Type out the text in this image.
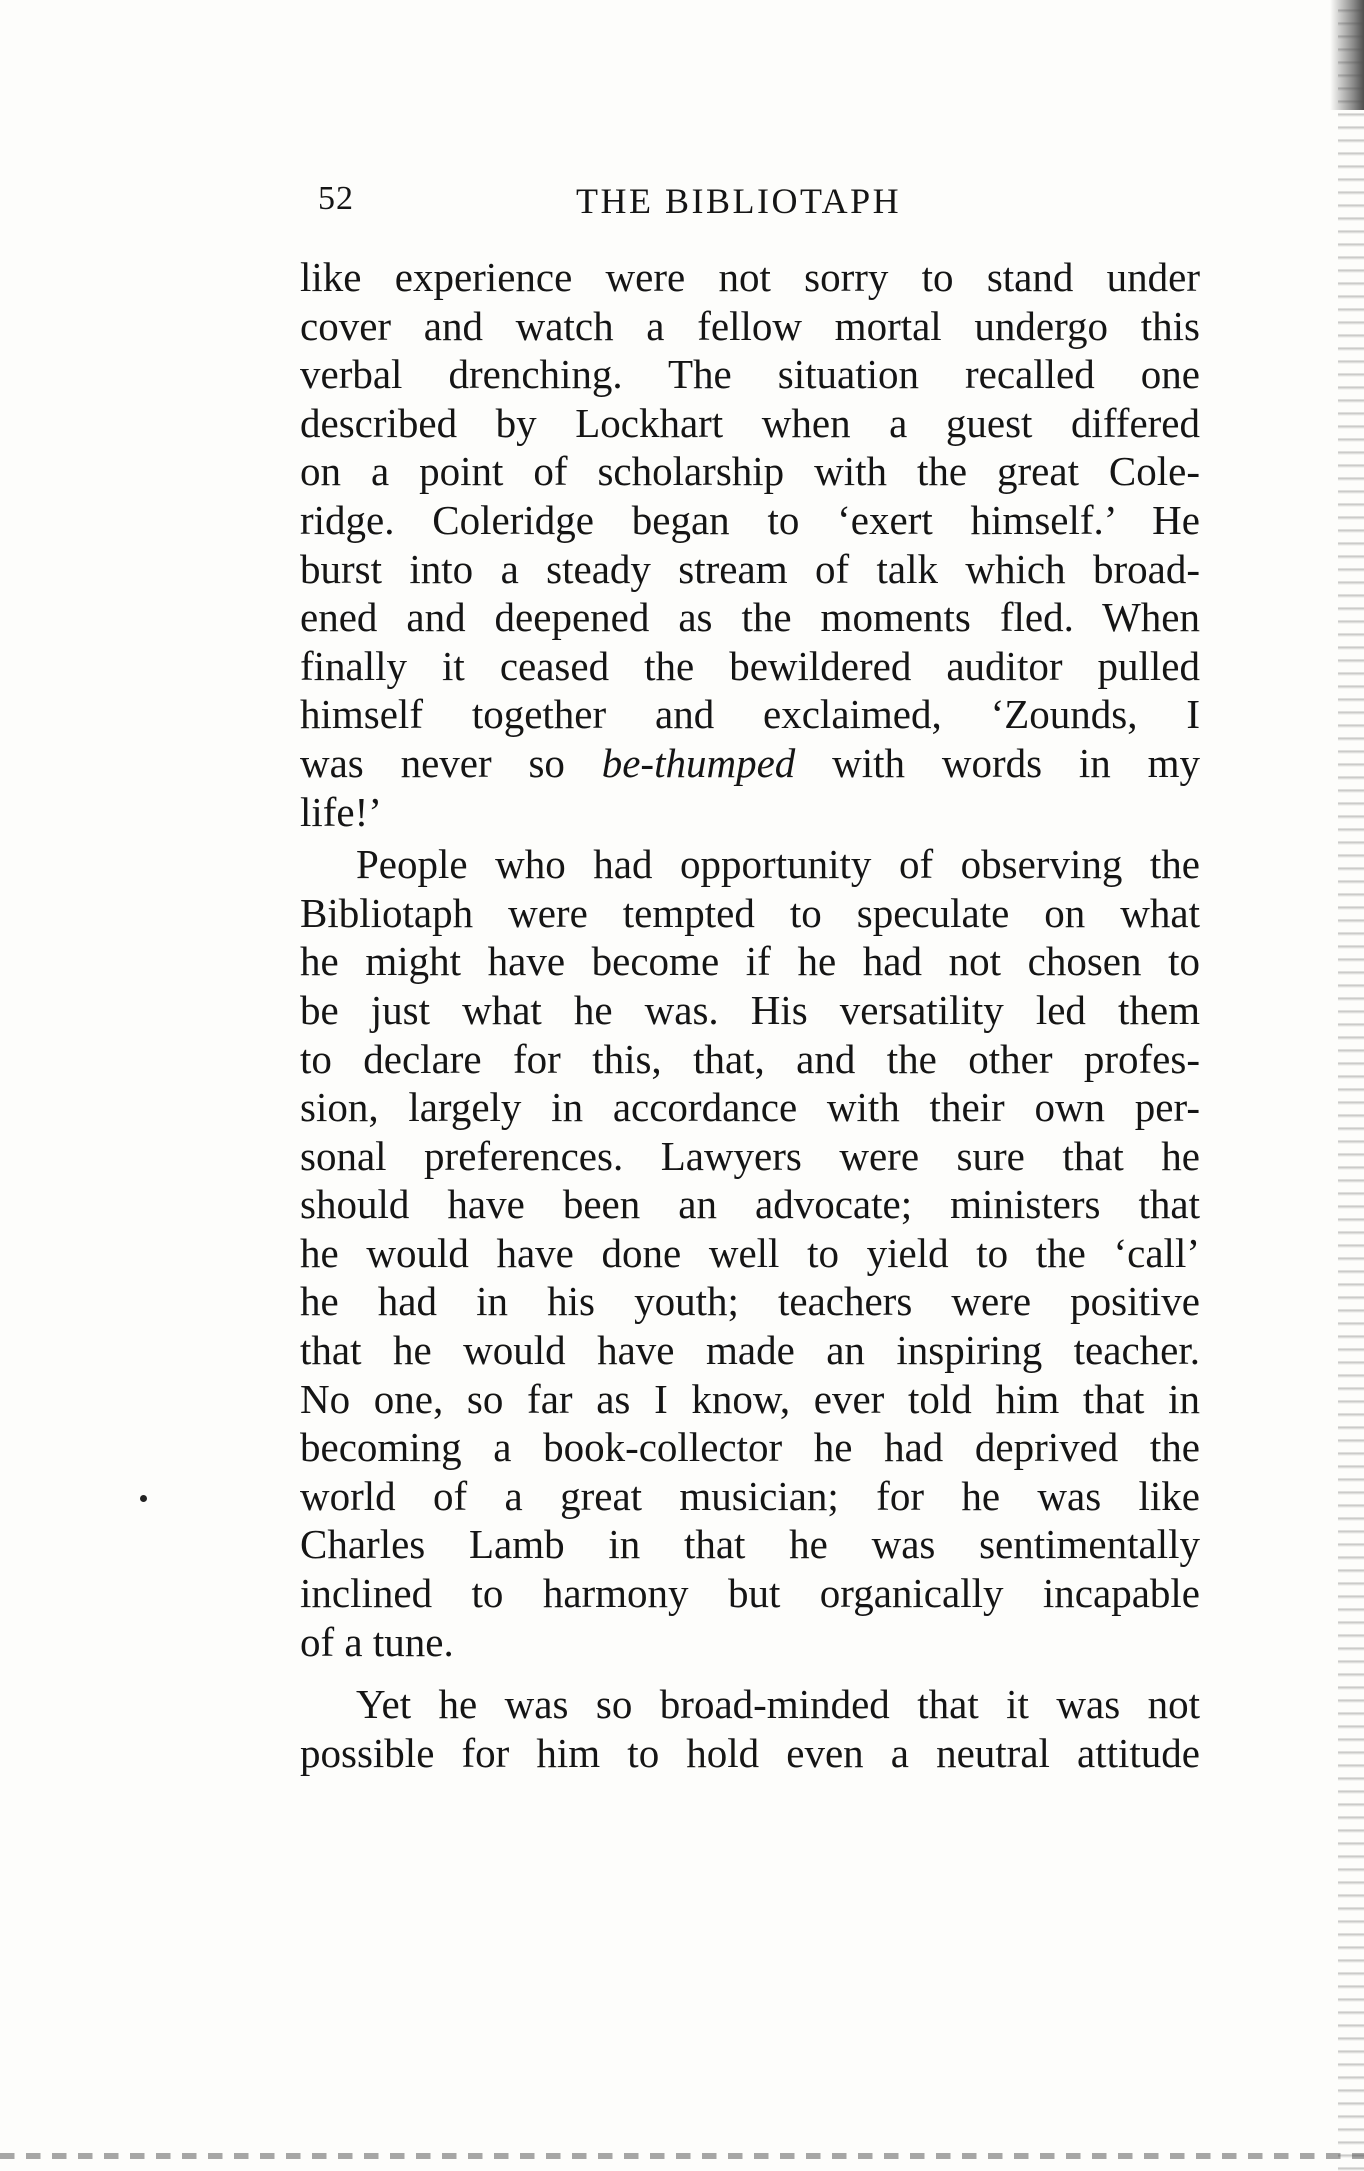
52	THE BIBLIOTAPH
like experience were not sorry to stand under
cover and watch a fellow mortal undergo this
verbal drenching. The situation recalled one
described by Lockhart when a guest differed
on a point of scholarship with the great Cole-
ridge. Coleridge began to ‘exert himself.’ He
burst into a steady stream of talk which broad-
ened and deepened as the moments fled. When
finally it ceased the bewildered auditor pulled
himself together and exclaimed, ‘Zounds, I
was never so be-thumped with words in my
life!’
People who had opportunity of observing the
Bibliotaph were tempted to speculate on what
he might have become if he had not chosen to
be just what he was. His versatility led them
to declare for this, that, and the other profes-
sion, largely in accordance with their own per-
sonal preferences. Lawyers were sure that he
should have been an advocate; ministers that
he would have done well to yield to the ‘call’
he had in his youth; teachers were positive
that he would have made an inspiring teacher.
No one, so far as I know, ever told him that in
becoming a book-collector he had deprived the
world of a great musician; for he was like
Charles Lamb in that he was sentimentally
inclined to harmony but organically incapable
of a tune.
Yet he was so broad-minded that it was not
possible for him to hold even a neutral attitude
